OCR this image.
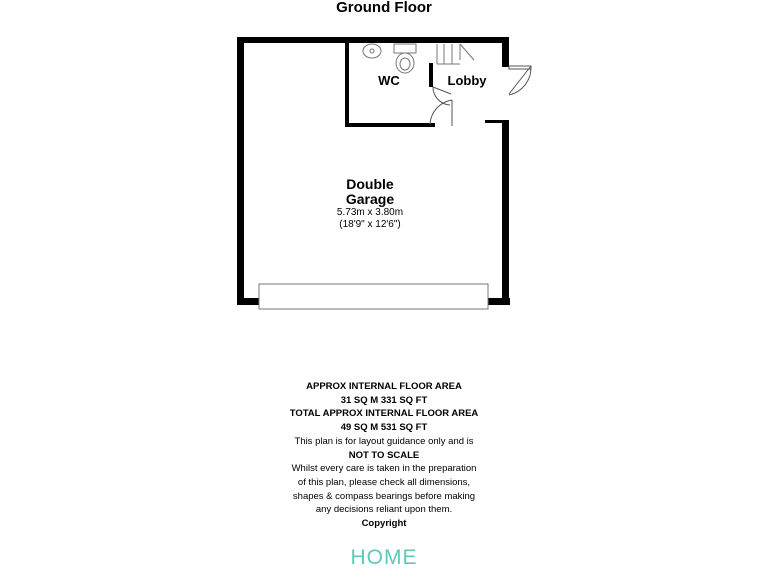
Ground Floor
WC	Lobby
Double
Garage
5.73m x 3.80m
(18'9" x 12'6")
APPROX INTERNAL FLOOR AREA
31 SQ M 331 SQ FT
TOTAL APPROX INTERNAL FLOOR AREA
49 SQ M 531 SQ FT
This plan is for layout guidance only and is
NOT TO SCALE
Whilst every care is taken in the preparation
of this plan, please check all dimensions,
shapes & compass bearings before making
any decisions reliant upon them.
Copyright
HOME
